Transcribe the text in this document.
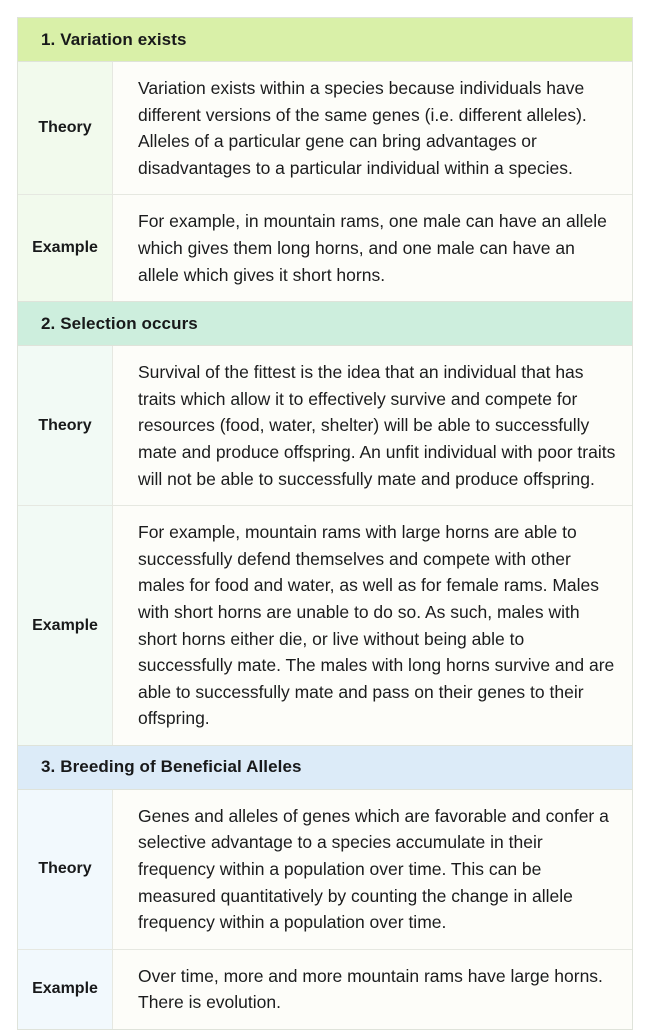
1. Variation exists
Theory
Variation exists within a species because individuals have different versions of the same genes (i.e. different alleles). Alleles of a particular gene can bring advantages or disadvantages to a particular individual within a species.
Example
For example, in mountain rams, one male can have an allele which gives them long horns, and one male can have an allele which gives it short horns.
2. Selection occurs
Theory
Survival of the fittest is the idea that an individual that has traits which allow it to effectively survive and compete for resources (food, water, shelter) will be able to successfully mate and produce offspring. An unfit individual with poor traits will not be able to successfully mate and produce offspring.
Example
For example, mountain rams with large horns are able to successfully defend themselves and compete with other males for food and water, as well as for female rams. Males with short horns are unable to do so. As such, males with short horns either die, or live without being able to successfully mate. The males with long horns survive and are able to successfully mate and pass on their genes to their offspring.
3. Breeding of Beneficial Alleles
Theory
Genes and alleles of genes which are favorable and confer a selective advantage to a species accumulate in their frequency within a population over time. This can be measured quantitatively by counting the change in allele frequency within a population over time.
Example
Over time, more and more mountain rams have large horns. There is evolution.
